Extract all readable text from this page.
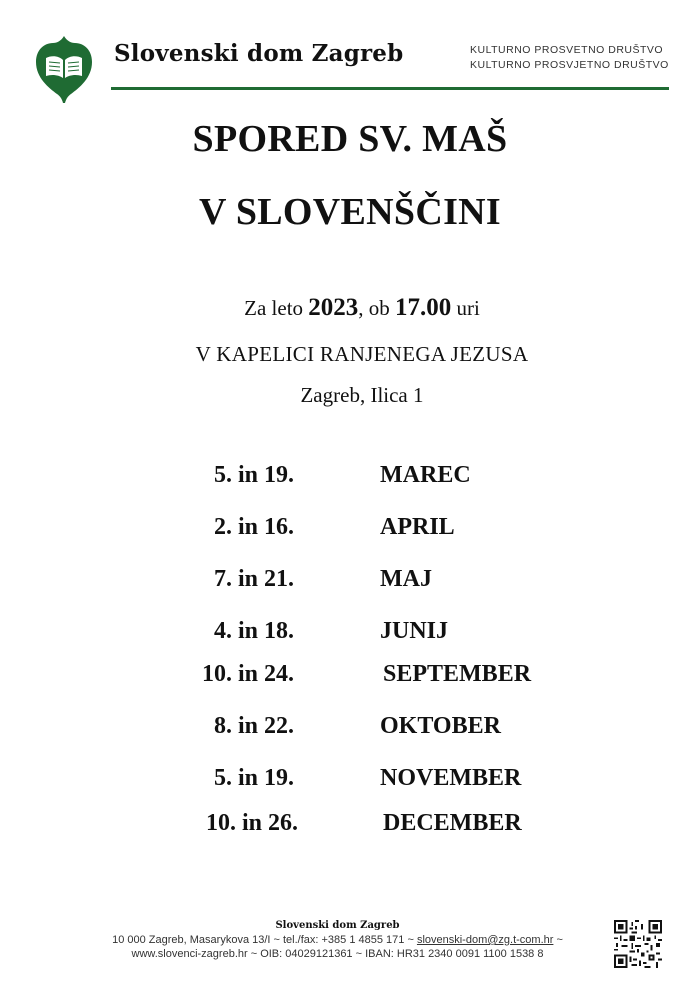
Slovenski dom Zagreb	KULTURNO PROSVETNO DRUŠTVO
KULTURNO PROSVJETNO DRUŠTVO
SPORED SV. MAŠ
V SLOVENŠČINI
Za leto 2023, ob 17.00 uri
V KAPELICI RANJENEGA JEZUSA
Zagreb, Ilica 1
5. in 19.	MAREC
2. in 16.	APRIL
7. in 21.	MAJ
4. in 18.	JUNIJ
10. in 24.	SEPTEMBER
8. in 22.	OKTOBER
5. in 19.	NOVEMBER
10. in 26.	DECEMBER
Slovenski dom Zagreb
10 000 Zagreb, Masarykova 13/I ~ tel./fax: +385 1 4855 171 ~ slovenski-dom@zg.t-com.hr ~
www.slovenci-zagreb.hr ~ OIB: 04029121361 ~ IBAN: HR31 2340 0091 1100 1538 8
